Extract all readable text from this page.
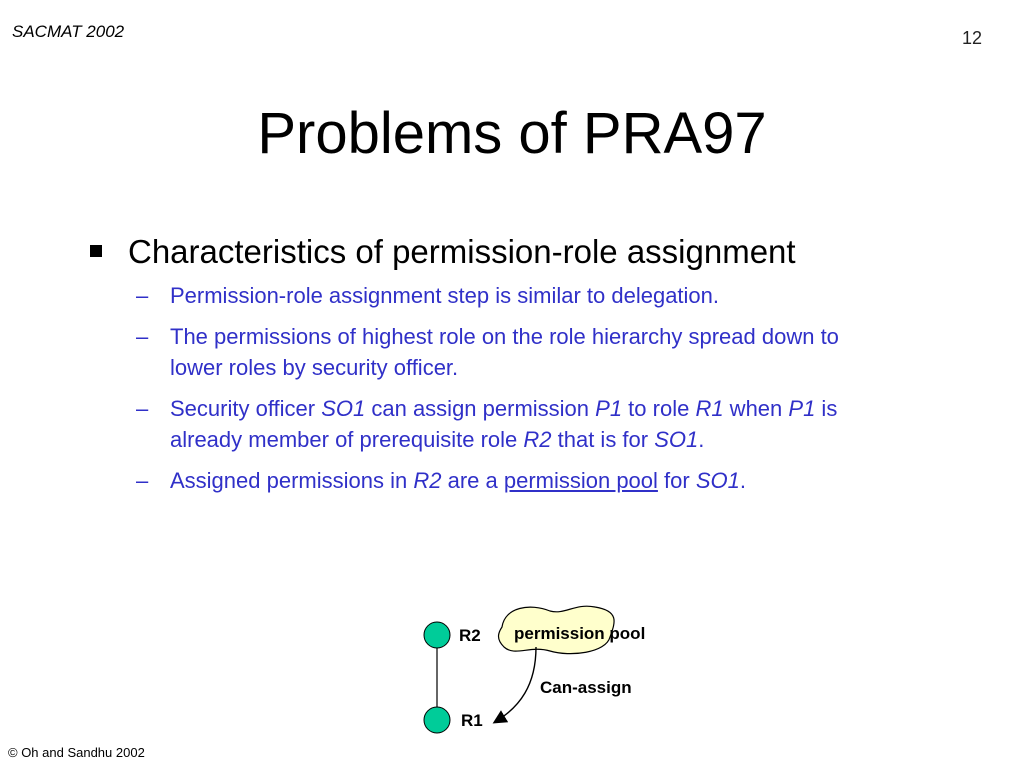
SACMAT 2002	12
Problems of PRA97
Characteristics of permission-role assignment
– Permission-role assignment step is similar to delegation.
– The permissions of highest role on the role hierarchy spread down to lower roles by security officer.
– Security officer SO1 can assign permission P1 to role R1 when P1 is already member of prerequisite role R2 that is for SO1.
– Assigned permissions in R2 are a permission pool for SO1.
R2
R1
permission pool
Can-assign
© Oh and Sandhu 2002
